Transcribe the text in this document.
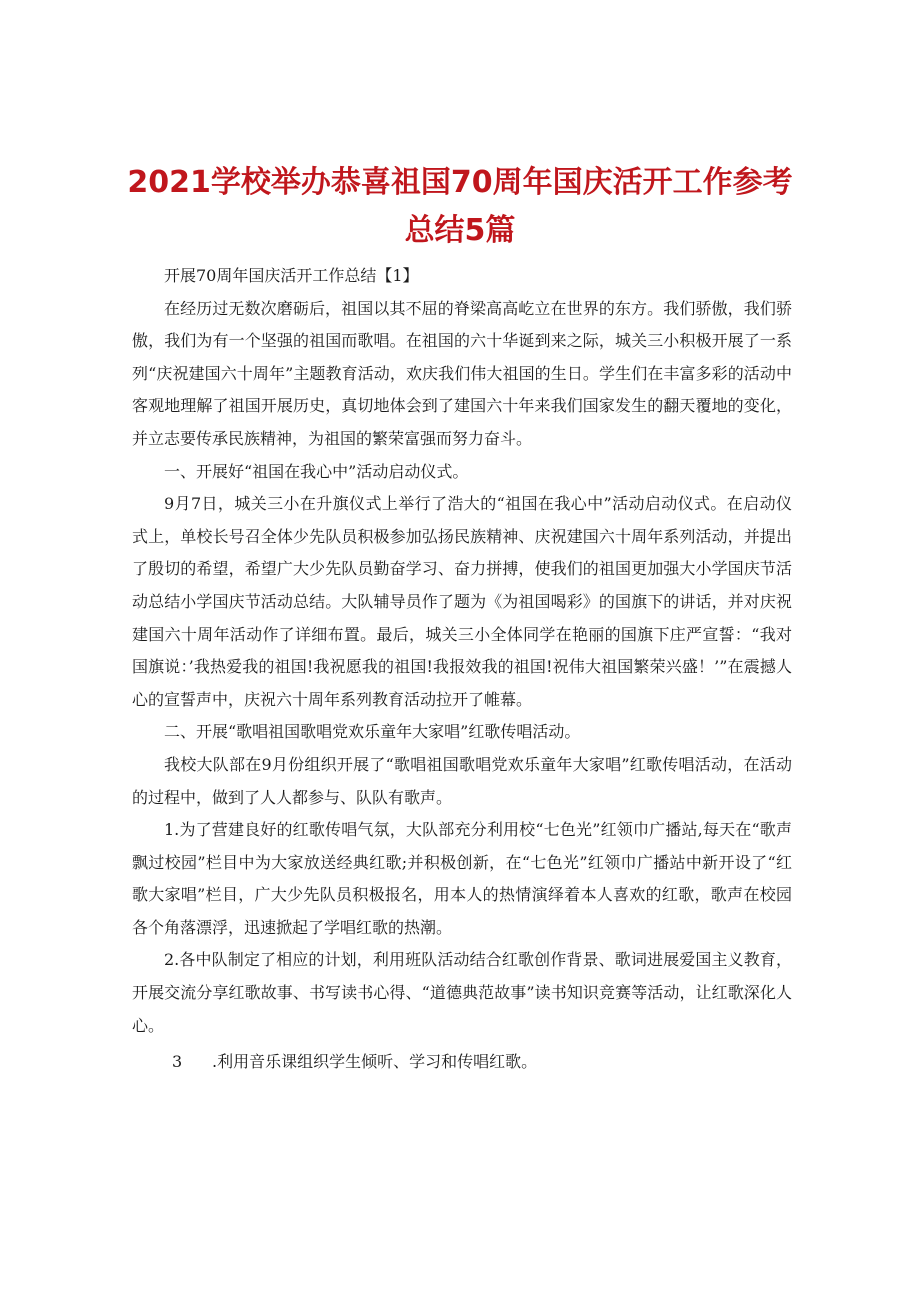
2021学校举办恭喜祖国70周年国庆活开工作参考
总结5篇

开展70周年国庆活开工作总结【1】

在经历过无数次磨砺后，祖国以其不屈的脊梁高高屹立在世界的东方。我们骄傲，我们骄傲，我们为有一个坚强的祖国而歌唱。在祖国的六十华诞到来之际，城关三小积极开展了一系列“庆祝建国六十周年”主题教育活动，欢庆我们伟大祖国的生日。学生们在丰富多彩的活动中客观地理解了祖国开展历史，真切地体会到了建国六十年来我们国家发生的翻天覆地的变化，并立志要传承民族精神，为祖国的繁荣富强而努力奋斗。

一、开展好“祖国在我心中”活动启动仪式。

9月7日，城关三小在升旗仪式上举行了浩大的“祖国在我心中”活动启动仪式。在启动仪式上，单校长号召全体少先队员积极参加弘扬民族精神、庆祝建国六十周年系列活动，并提出了殷切的希望，希望广大少先队员勤奋学习、奋力拼搏，使我们的祖国更加强大小学国庆节活动总结小学国庆节活动总结。大队辅导员作了题为《为祖国喝彩》的国旗下的讲话，并对庆祝建国六十周年活动作了详细布置。最后，城关三小全体同学在艳丽的国旗下庄严宣誓：“我对国旗说：’我热爱我的祖国!我祝愿我的祖国!我报效我的祖国!祝伟大祖国繁荣兴盛！’”在震撼人心的宣誓声中，庆祝六十周年系列教育活动拉开了帷幕。

二、开展“歌唱祖国歌唱党欢乐童年大家唱”红歌传唱活动。

我校大队部在9月份组织开展了“歌唱祖国歌唱党欢乐童年大家唱”红歌传唱活动，在活动的过程中，做到了人人都参与、队队有歌声。

1.为了营建良好的红歌传唱气氛，大队部充分利用校“七色光”红领巾广播站,每天在“歌声飘过校园”栏目中为大家放送经典红歌;并积极创新，在“七色光”红领巾广播站中新开设了“红歌大家唱”栏目，广大少先队员积极报名，用本人的热情演绎着本人喜欢的红歌，歌声在校园各个角落漂浮，迅速掀起了学唱红歌的热潮。

2.各中队制定了相应的计划，利用班队活动结合红歌创作背景、歌词进展爱国主义教育，开展交流分享红歌故事、书写读书心得、“道德典范故事”读书知识竞赛等活动，让红歌深化人心。

3 .利用音乐课组织学生倾听、学习和传唱红歌。
